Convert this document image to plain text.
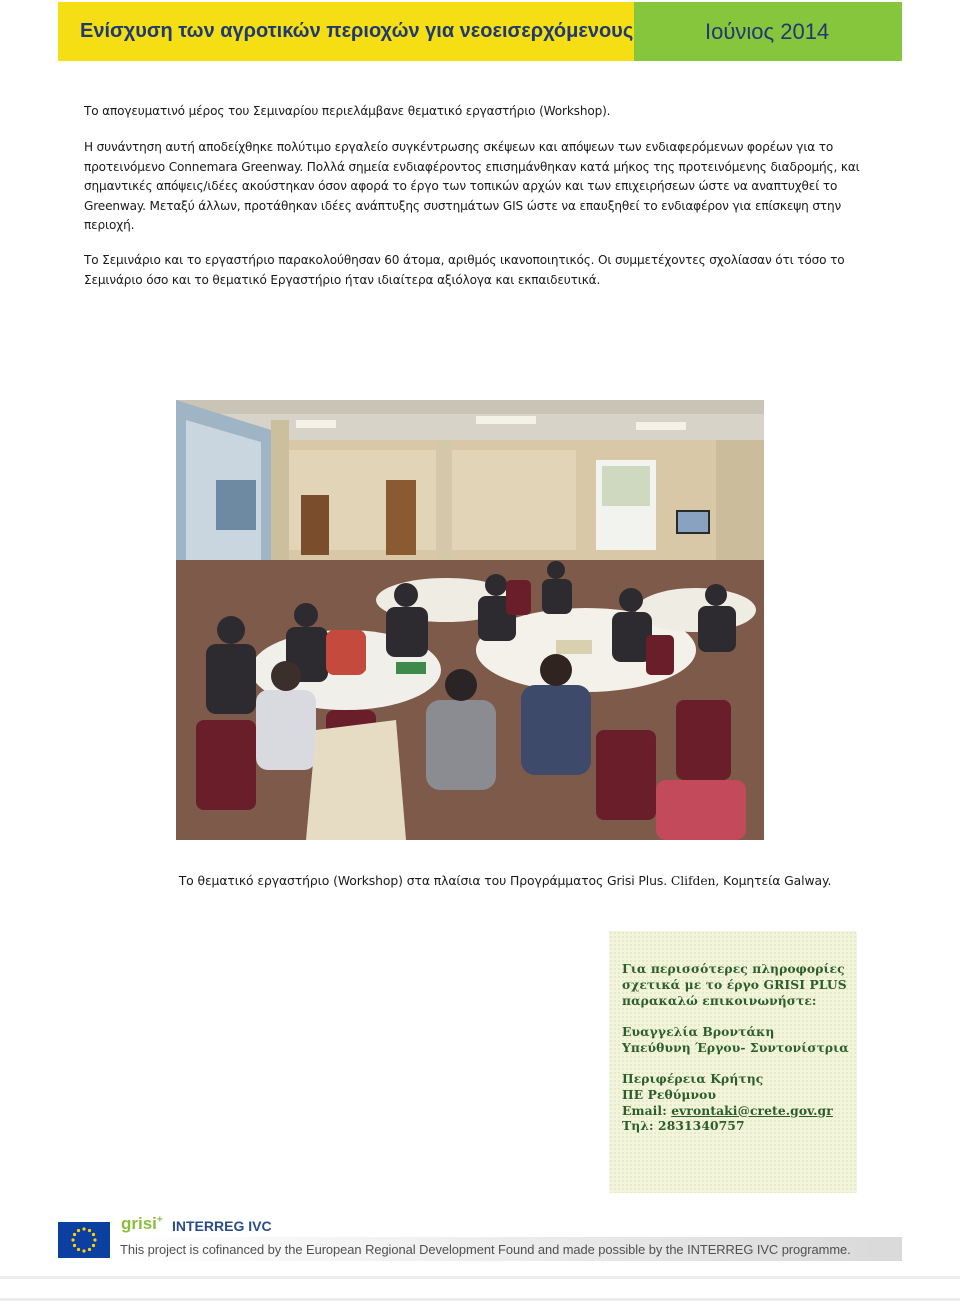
Ενίσχυση των αγροτικών περιοχών για νεοεισερχόμενους	Ιούνιος 2014

Το απογευματινό μέρος του Σεμιναρίου περιελάμβανε θεματικό εργαστήριο (Workshop).

Η συνάντηση αυτή αποδείχθηκε πολύτιμο εργαλείο συγκέντρωσης σκέψεων και απόψεων των ενδιαφερόμενων φορέων για το προτεινόμενο Connemara Greenway. Πολλά σημεία ενδιαφέροντος επισημάνθηκαν κατά μήκος της προτεινόμενης διαδρομής, και σημαντικές απόψεις/ιδέες ακούστηκαν όσον αφορά το έργο των τοπικών αρχών και των επιχειρήσεων ώστε να αναπτυχθεί το Greenway. Μεταξύ άλλων, προτάθηκαν ιδέες ανάπτυξης συστημάτων GIS ώστε να επαυξηθεί το ενδιαφέρον για επίσκεψη στην περιοχή.

Το Σεμινάριο και το εργαστήριο παρακολούθησαν 60 άτομα, αριθμός ικανοποιητικός. Οι συμμετέχοντες σχολίασαν ότι τόσο το Σεμινάριο όσο και το θεματικό Εργαστήριο ήταν ιδιαίτερα αξιόλογα και εκπαιδευτικά.

Το θεματικό εργαστήριο (Workshop) στα πλαίσια του Προγράμματος Grisi Plus. Clifden, Κομητεία Galway.
Για περισσότερες πληροφορίες
σχετικά με το έργο GRISI PLUS
παρακαλώ επικοινωνήστε:
Ευαγγελία Βροντάκη
Υπεύθυνη Έργου- Συντονίστρια
Περιφέρεια Κρήτης
ΠΕ Ρεθύμνου
Email: evrontaki@crete.gov.gr
Τηλ: 2831340757
grisi+ INTERREG IVC
This project is cofinanced by the European Regional Development Found and made possible by the INTERREG IVC programme.
